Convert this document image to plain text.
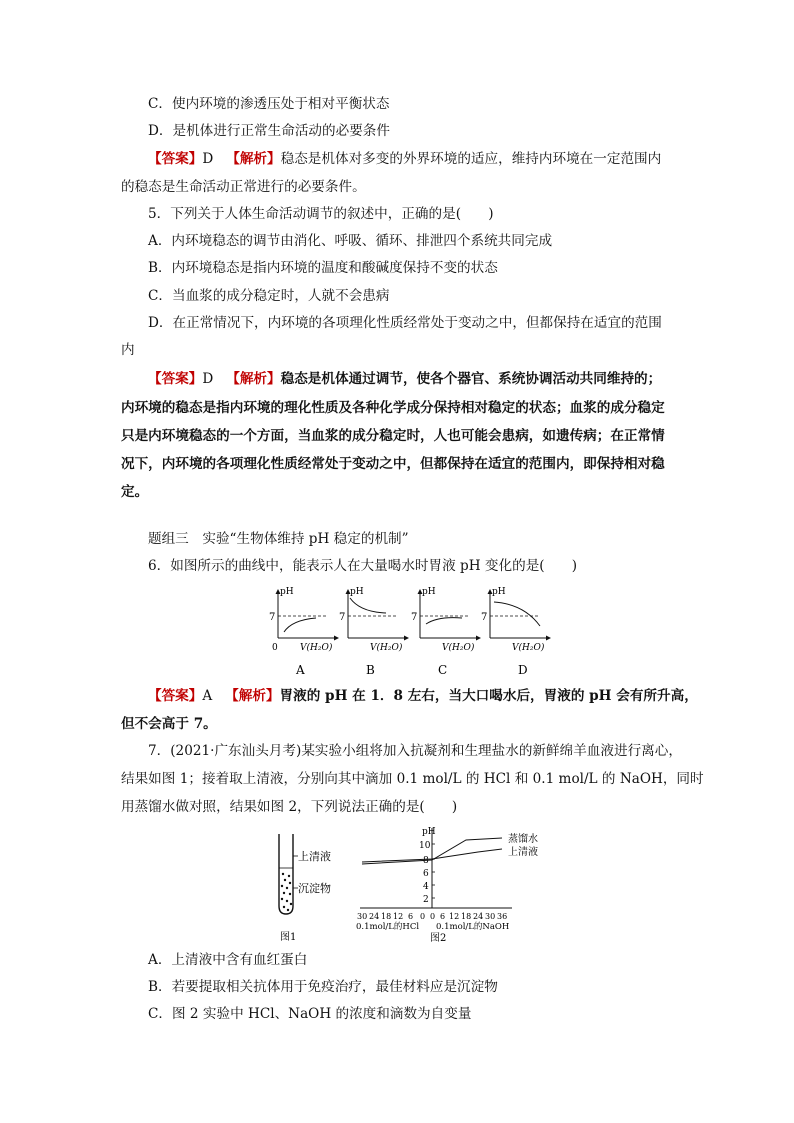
C．使内环境的渗透压处于相对平衡状态
D．是机体进行正常生命活动的必要条件
【答案】D 【解析】稳态是机体对多变的外界环境的适应，维持内环境在一定范围内
的稳态是生命活动正常进行的必要条件。
5．下列关于人体生命活动调节的叙述中，正确的是(　　)
A．内环境稳态的调节由消化、呼吸、循环、排泄四个系统共同完成
B．内环境稳态是指内环境的温度和酸碱度保持不变的状态
C．当血浆的成分稳定时，人就不会患病
D．在正常情况下，内环境的各项理化性质经常处于变动之中，但都保持在适宜的范围
内
【答案】D 【解析】稳态是机体通过调节，使各个器官、系统协调活动共同维持的；
内环境的稳态是指内环境的理化性质及各种化学成分保持相对稳定的状态；血浆的成分稳定
只是内环境稳态的一个方面，当血浆的成分稳定时，人也可能会患病，如遗传病；在正常情
况下，内环境的各项理化性质经常处于变动之中，但都保持在适宜的范围内，即保持相对稳
定。
题组三　实验“生物体维持 pH 稳定的机制”
6．如图所示的曲线中，能表示人在大量喝水时胃液 pH 变化的是(　　)
pH
7
0 V(H₂O)
A
pH
7
V(H₂O)
B
pH
7
V(H₂O)
C
pH
7
V(H₂O)
D
【答案】A 【解析】胃液的 pH 在 1．8 左右，当大口喝水后，胃液的 pH 会有所升高，
但不会高于 7。
7．(2021·广东汕头月考)某实验小组将加入抗凝剂和生理盐水的新鲜绵羊血液进行离心，
结果如图 1；接着取上清液，分别向其中滴加 0.1 mol/L 的 HCl 和 0.1 mol/L 的 NaOH，同时
用蒸馏水做对照，结果如图 2，下列说法正确的是(　　)
上清液
沉淀物
图1
pH
10
8
6
4
2
蒸馏水
上清液
30 24 18 12 6 0 0 6 12 18 24 30 36
0.1mol/L的HCl 0.1mol/L的NaOH
图2
A．上清液中含有血红蛋白
B．若要提取相关抗体用于免疫治疗，最佳材料应是沉淀物
C．图 2 实验中 HCl、NaOH 的浓度和滴数为自变量
